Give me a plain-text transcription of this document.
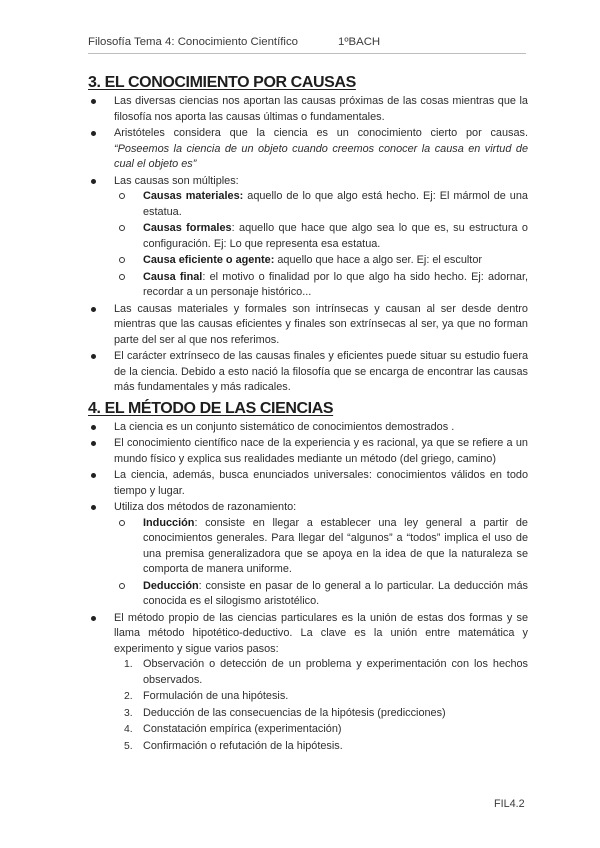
Filosofía Tema 4: Conocimiento Científico	1ºBACH
3. EL CONOCIMIENTO POR CAUSAS
Las diversas ciencias nos aportan las causas próximas de las cosas mientras que la filosofía nos aporta las causas últimas o fundamentales.
Aristóteles considera que la ciencia es un conocimiento cierto por causas. “Poseemos la ciencia de un objeto cuando creemos conocer la causa en virtud de cual el objeto es”
Las causas son múltiples:
Causas materiales: aquello de lo que algo está hecho. Ej: El mármol de una estatua.
Causas formales: aquello que hace que algo sea lo que es, su estructura o configuración. Ej: Lo que representa esa estatua.
Causa eficiente o agente: aquello que hace a algo ser. Ej: el escultor
Causa final: el motivo o finalidad por lo que algo ha sido hecho. Ej: adornar, recordar a un personaje histórico...
Las causas materiales y formales son intrínsecas y causan al ser desde dentro mientras que las causas eficientes y finales son extrínsecas al ser, ya que no forman parte del ser al que nos referimos.
El carácter extrínseco de las causas finales y eficientes puede situar su estudio fuera de la ciencia. Debido a esto nació la filosofía que se encarga de encontrar las causas más fundamentales y más radicales.
4. EL MÉTODO DE LAS CIENCIAS
La ciencia es un conjunto sistemático de conocimientos demostrados .
El conocimiento científico nace de la experiencia y es racional, ya que se refiere a un mundo físico y explica sus realidades mediante un método (del griego, camino)
La ciencia, además, busca enunciados universales: conocimientos válidos en todo tiempo y lugar.
Utiliza dos métodos de razonamiento:
Inducción: consiste en llegar a establecer una ley general a partir de conocimientos generales. Para llegar del “algunos” a “todos” implica el uso de una premisa generalizadora que se apoya en la idea de que la naturaleza se comporta de manera uniforme.
Deducción: consiste en pasar de lo general a lo particular. La deducción más conocida es el silogismo aristotélico.
El método propio de las ciencias particulares es la unión de estas dos formas y se llama método hipotético-deductivo. La clave es la unión entre matemática y experimento y sigue varios pasos:
1. Observación o detección de un problema y experimentación con los hechos observados.
2. Formulación de una hipótesis.
3. Deducción de las consecuencias de la hipótesis (predicciones)
4. Constatación empírica (experimentación)
5. Confirmación o refutación de la hipótesis.
FIL4.2
